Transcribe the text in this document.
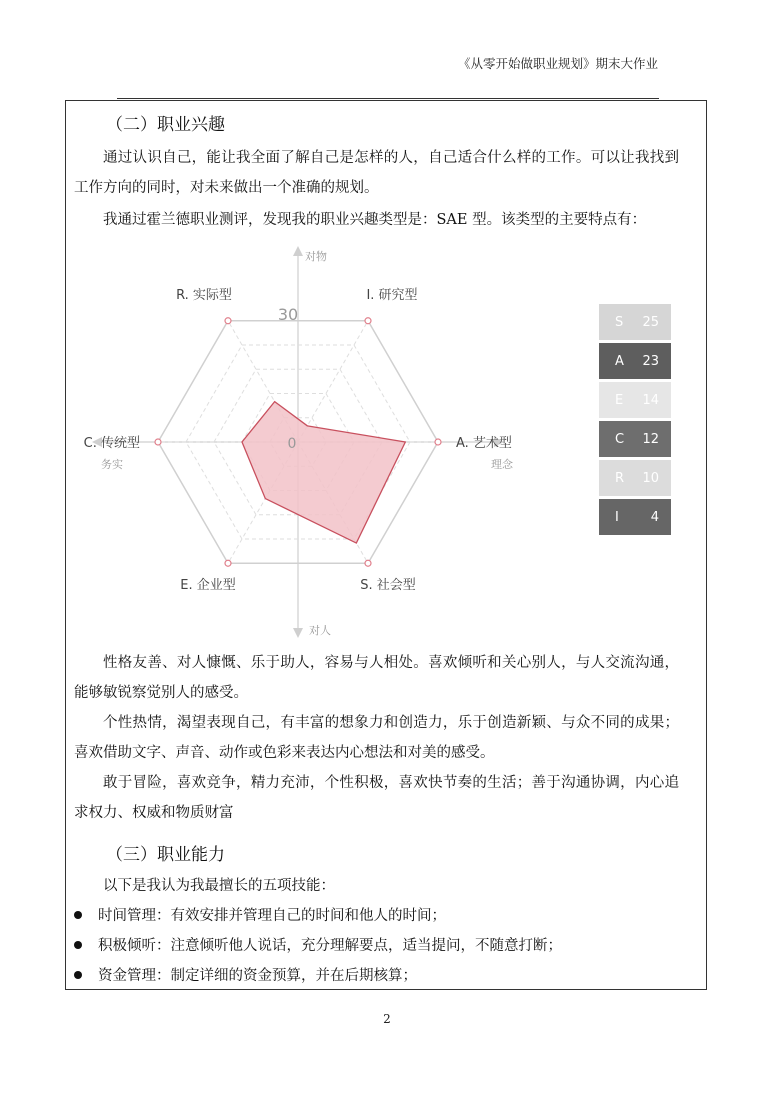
《从零开始做职业规划》期末大作业
（二）职业兴趣

通过认识自己，能让我全面了解自己是怎样的人，自己适合什么样的工作。可以让我找到工作方向的同时，对未来做出一个准确的规划。

我通过霍兰德职业测评，发现我的职业兴趣类型是：SAE 型。该类型的主要特点有：

I. 研究型
A. 艺术型
S. 社会型
E. 企业型
C. 传统型
R. 实际型
0
30
对物
对人
务实	理念
S 25
A 23
E 14
C 12
R 10
I 4

性格友善、对人慷慨、乐于助人，容易与人相处。喜欢倾听和关心别人，与人交流沟通，能够敏锐察觉别人的感受。

个性热情，渴望表现自己，有丰富的想象力和创造力，乐于创造新颖、与众不同的成果；喜欢借助文字、声音、动作或色彩来表达内心想法和对美的感受。

敢于冒险，喜欢竞争，精力充沛，个性积极，喜欢快节奏的生活；善于沟通协调，内心追求权力、权威和物质财富

（三）职业能力
以下是我认为我最擅长的五项技能：
时间管理：有效安排并管理自己的时间和他人的时间；
积极倾听：注意倾听他人说话，充分理解要点，适当提问，不随意打断；
资金管理：制定详细的资金预算，并在后期核算；
2
